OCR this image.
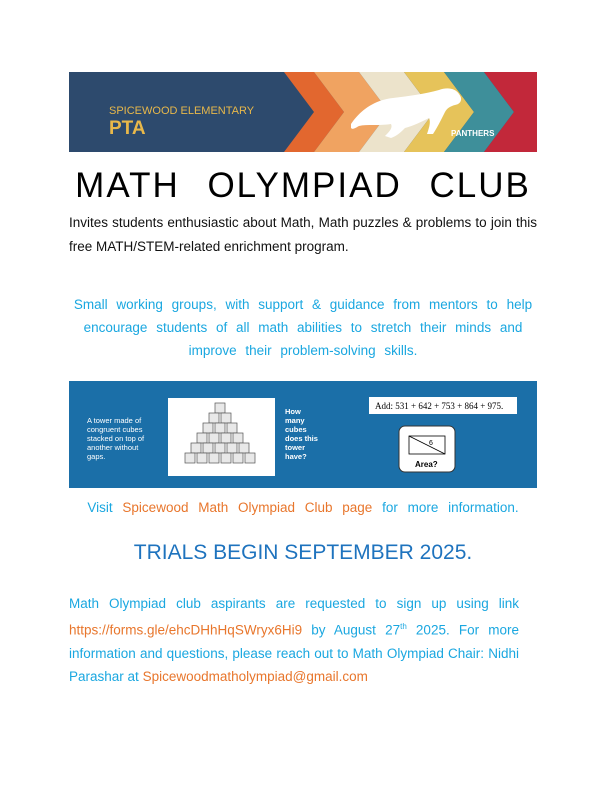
SPICEWOOD ELEMENTARY
PTA	PANTHERS
MATH OLYMPIAD CLUB
Invites students enthusiastic about Math, Math puzzles & problems to join this free MATH/STEM-related enrichment program.
Small working groups, with support & guidance from mentors to help encourage students of all math abilities to stretch their minds and improve their problem-solving skills.
A tower made of congruent cubes stacked on top of another without gaps.
How many cubes does this tower have?
Add: 531 + 642 + 753 + 864 + 975.
6
Area?
Visit Spicewood Math Olympiad Club page for more information.
TRIALS BEGIN SEPTEMBER 2025.
Math Olympiad club aspirants are requested to sign up using link https://forms.gle/ehcDHhHqSWryx6Hi9 by August 27th 2025. For more information and questions, please reach out to Math Olympiad Chair: Nidhi Parashar at Spicewoodmatholympiad@gmail.com
